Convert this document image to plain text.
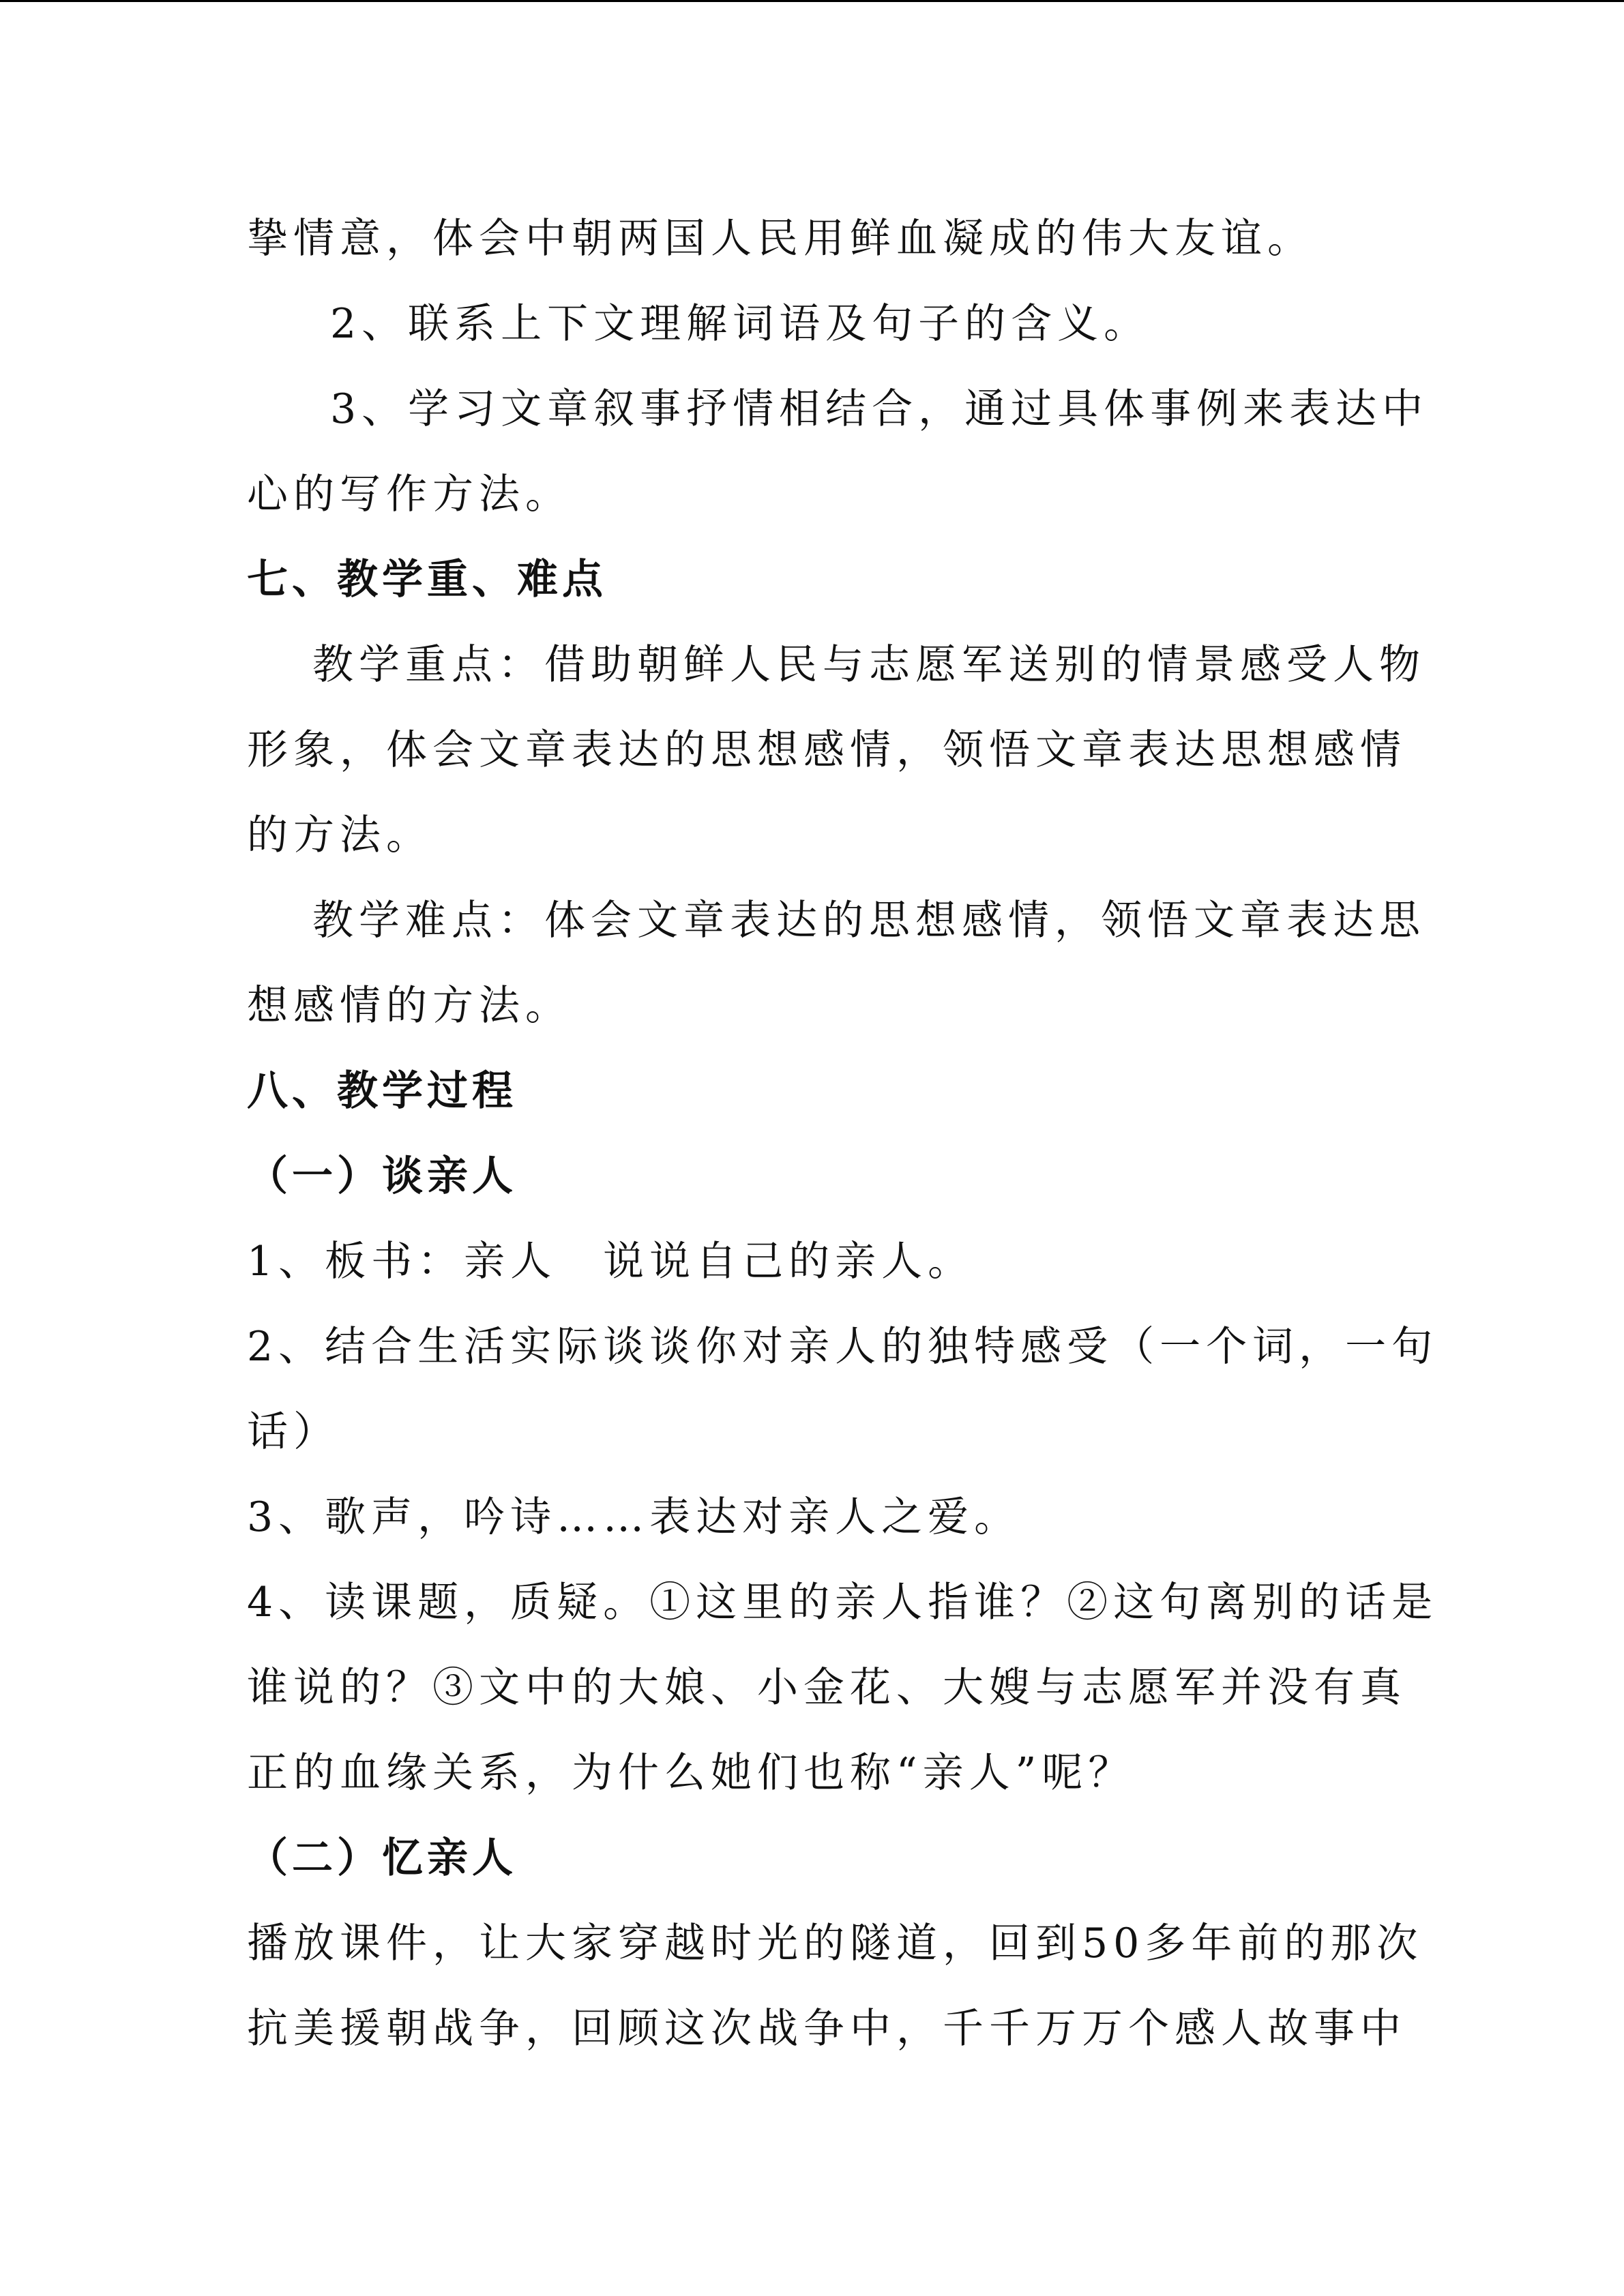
挚情意，体会中朝两国人民用鲜血凝成的伟大友谊。
2、联系上下文理解词语及句子的含义。
3、学习文章叙事抒情相结合，通过具体事例来表达中
心的写作方法。
七、教学重、难点
教学重点：借助朝鲜人民与志愿军送别的情景感受人物
形象，体会文章表达的思想感情，领悟文章表达思想感情
的方法。
教学难点：体会文章表达的思想感情，领悟文章表达思
想感情的方法。
八、教学过程
（一）谈亲人
1、板书：亲人　说说自己的亲人。
2、结合生活实际谈谈你对亲人的独特感受（一个词，一句
话）
3、歌声，吟诗……表达对亲人之爱。
4、读课题，质疑。①这里的亲人指谁？②这句离别的话是
谁说的？③文中的大娘、小金花、大嫂与志愿军并没有真
正的血缘关系，为什么她们也称“亲人”呢？
（二）忆亲人
播放课件，让大家穿越时光的隧道，回到50多年前的那次
抗美援朝战争，回顾这次战争中，千千万万个感人故事中
